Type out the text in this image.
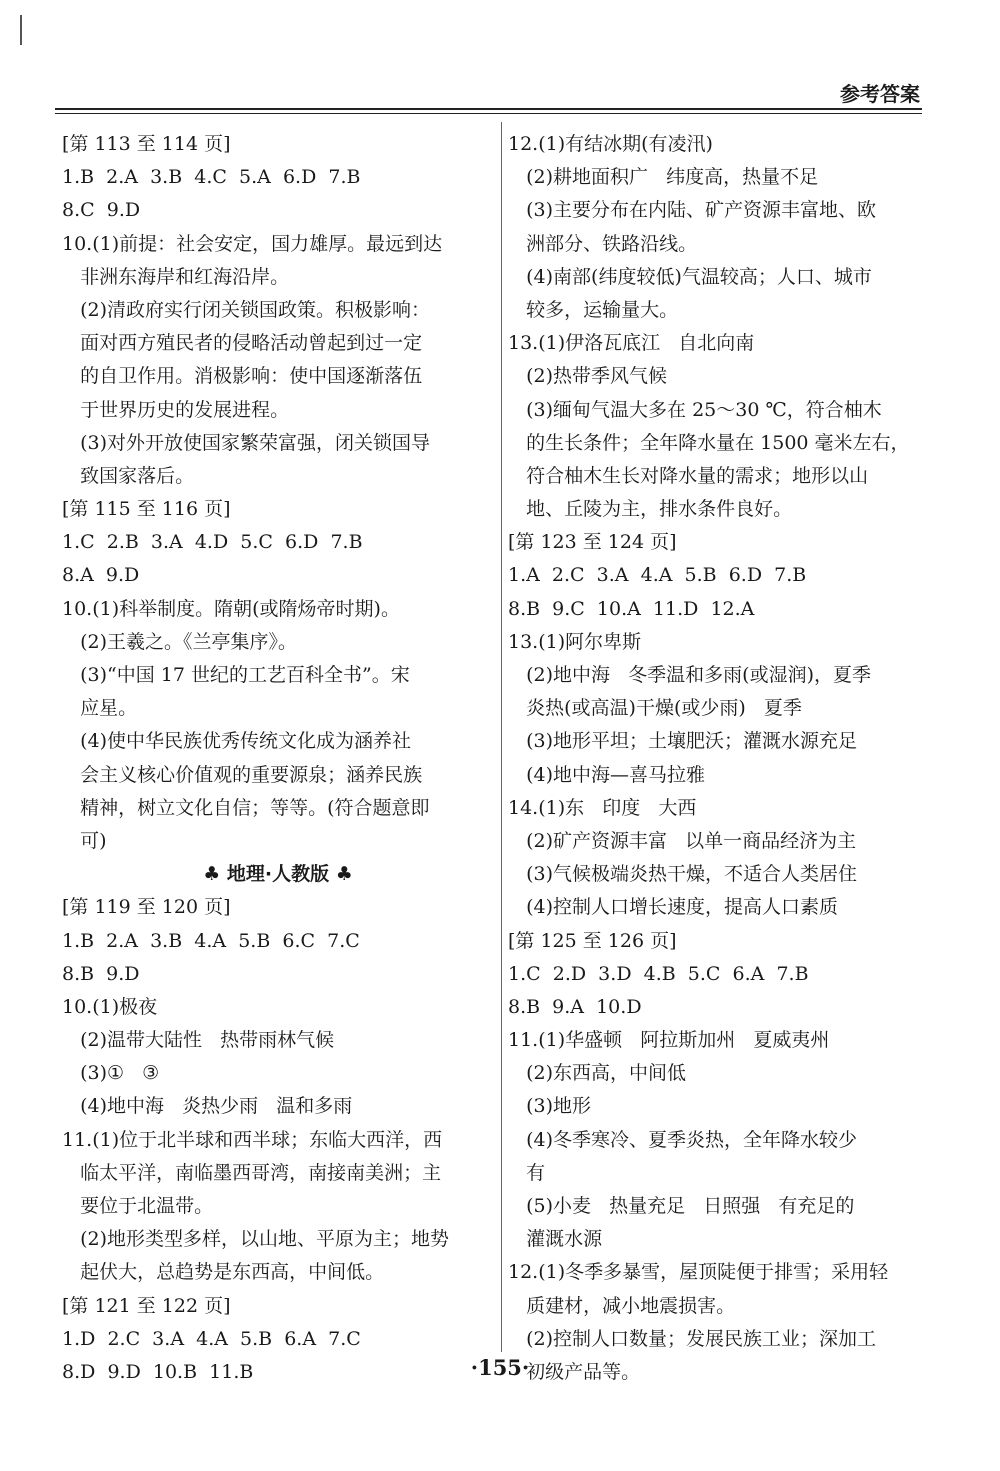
参考答案
[第 113 至 114 页]
1.B  2.A  3.B  4.C  5.A  6.D  7.B
8.C  9.D
10.(1)前提：社会安定，国力雄厚。最远到达
非洲东海岸和红海沿岸。
(2)清政府实行闭关锁国政策。积极影响：
面对西方殖民者的侵略活动曾起到过一定
的自卫作用。消极影响：使中国逐渐落伍
于世界历史的发展进程。
(3)对外开放使国家繁荣富强，闭关锁国导
致国家落后。
[第 115 至 116 页]
1.C  2.B  3.A  4.D  5.C  6.D  7.B
8.A  9.D
10.(1)科举制度。隋朝(或隋炀帝时期)。
(2)王羲之。《兰亭集序》。
(3)“中国 17 世纪的工艺百科全书”。宋
应星。
(4)使中华民族优秀传统文化成为涵养社
会主义核心价值观的重要源泉；涵养民族
精神，树立文化自信；等等。(符合题意即
可)
♣ 地理·人教版 ♣
[第 119 至 120 页]
1.B  2.A  3.B  4.A  5.B  6.C  7.C
8.B  9.D
10.(1)极夜
(2)温带大陆性   热带雨林气候
(3)①   ③
(4)地中海   炎热少雨   温和多雨
11.(1)位于北半球和西半球；东临大西洋，西
临太平洋，南临墨西哥湾，南接南美洲；主
要位于北温带。
(2)地形类型多样，以山地、平原为主；地势
起伏大，总趋势是东西高，中间低。
[第 121 至 122 页]
1.D  2.C  3.A  4.A  5.B  6.A  7.C
8.D  9.D  10.B  11.B
12.(1)有结冰期(有凌汛)
(2)耕地面积广   纬度高，热量不足
(3)主要分布在内陆、矿产资源丰富地、欧
洲部分、铁路沿线。
(4)南部(纬度较低)气温较高；人口、城市
较多，运输量大。
13.(1)伊洛瓦底江   自北向南
(2)热带季风气候
(3)缅甸气温大多在 25～30 ℃，符合柚木
的生长条件；全年降水量在 1500 毫米左右，
符合柚木生长对降水量的需求；地形以山
地、丘陵为主，排水条件良好。
[第 123 至 124 页]
1.A  2.C  3.A  4.A  5.B  6.D  7.B
8.B  9.C  10.A  11.D  12.A
13.(1)阿尔卑斯
(2)地中海   冬季温和多雨(或湿润)，夏季
炎热(或高温)干燥(或少雨)   夏季
(3)地形平坦；土壤肥沃；灌溉水源充足
(4)地中海—喜马拉雅
14.(1)东   印度   大西
(2)矿产资源丰富   以单一商品经济为主
(3)气候极端炎热干燥，不适合人类居住
(4)控制人口增长速度，提高人口素质
[第 125 至 126 页]
1.C  2.D  3.D  4.B  5.C  6.A  7.B
8.B  9.A  10.D
11.(1)华盛顿   阿拉斯加州   夏威夷州
(2)东西高，中间低
(3)地形
(4)冬季寒冷、夏季炎热，全年降水较少
有
(5)小麦   热量充足   日照强   有充足的
灌溉水源
12.(1)冬季多暴雪，屋顶陡便于排雪；采用轻
质建材，减小地震损害。
(2)控制人口数量；发展民族工业；深加工
初级产品等。
·155·
